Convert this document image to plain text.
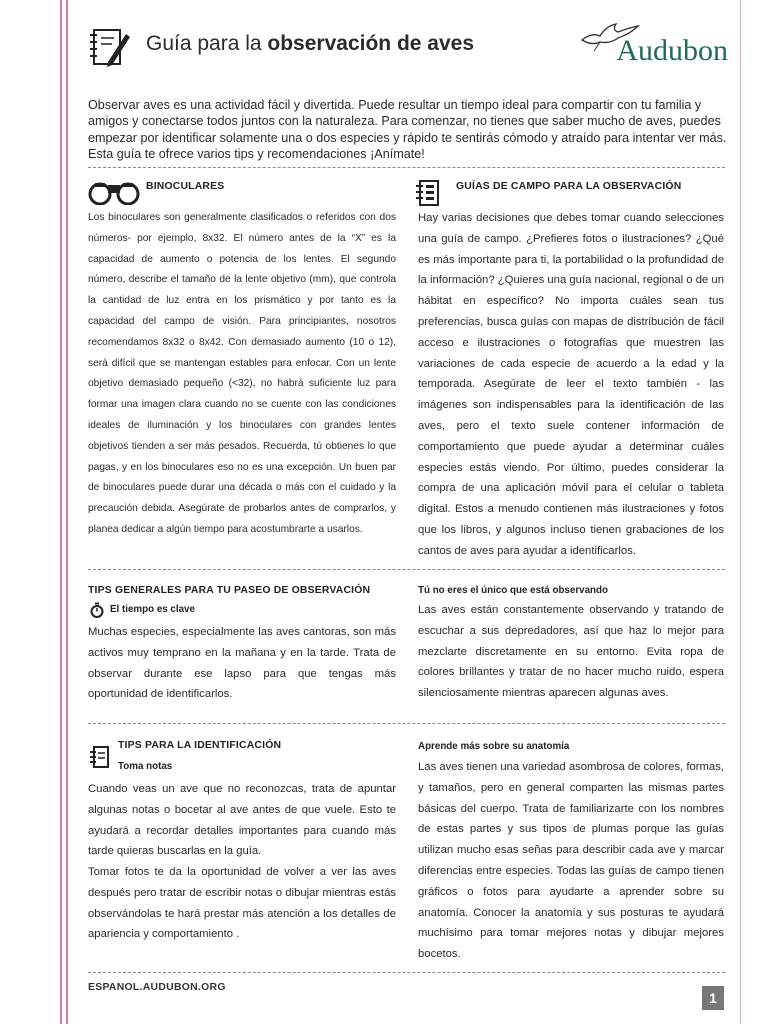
Guía para la observación de aves	Audubon
Observar aves es una actividad fácil y divertida. Puede resultar un tiempo ideal para compartir con tu familia y amigos y conectarse todos juntos con la naturaleza. Para comenzar, no tienes que saber mucho de aves, puedes empezar por identificar solamente una o dos especies y rápido te sentirás cómodo y atraído para intentar ver más. Esta guía te ofrece varios tips y recomendaciones ¡Anímate!
BINOCULARES
Los binoculares son generalmente clasificados o referidos con dos números- por ejemplo, 8x32. El número antes de la “X” es la capacidad de aumento o potencia de los lentes. El segundo número, describe el tamaño de la lente objetivo (mm), que controla la cantidad de luz entra en los prismático y por tanto es la capacidad del campo de visión. Para principiantes, nosotros recomendamos 8x32 o 8x42. Con demasiado aumento (10 o 12), será difícil que se mantengan estables para enfocar. Con un lente objetivo demasiado pequeño (<32), no habrá suficiente luz para formar una imagen clara cuando no se cuente con las condiciones ideales de iluminación y los binoculares con grandes lentes objetivos tienden a ser más pesados. Recuerda, tú obtienes lo que pagas, y en los binoculares eso no es una excepción. Un buen par de binoculares puede durar una década o más con el cuidado y la precaución debida. Asegúrate de probarlos antes de comprarlos, y planea dedicar a algún tiempo para acostumbrarte a usarlos.
GUÍAS DE CAMPO PARA LA OBSERVACIÓN
Hay varias decisiones que debes tomar cuando selecciones una guía de campo. ¿Prefieres fotos o ilustraciones? ¿Qué es más importante para ti, la portabilidad o la profundidad de la información? ¿Quieres una guía nacional, regional o de un hábitat en específico? No importa cuáles sean tus preferencias, busca guías con mapas de distribución de fácil acceso e ilustraciones o fotografías que muestren las variaciones de cada especie de acuerdo a la edad y la temporada. Asegúrate de leer el texto también - las imágenes son indispensables para la identificación de las aves, pero el texto suele contener información de comportamiento que puede ayudar a determinar cuáles especies estás viendo. Por último, puedes considerar la compra de una aplicación móvil para el celular o tableta digital. Estos a menudo contienen más ilustraciones y fotos que los libros, y algunos incluso tienen grabaciones de los cantos de aves para ayudar a identificarlos.
TIPS GENERALES PARA TU PASEO DE OBSERVACIÓN
El tiempo es clave
Muchas especies, especialmente las aves cantoras, son más activos muy temprano en la mañana y en la tarde. Trata de observar durante ese lapso para que tengas más oportunidad de identificarlos.
Tú no eres el único que está observando
Las aves están constantemente observando y tratando de escuchar a sus depredadores, así que haz lo mejor para mezclarte discretamente en su entorno. Evita ropa de colores brillantes y tratar de no hacer mucho ruido, espera silenciosamente mientras aparecen algunas aves.
TIPS PARA LA IDENTIFICACIÓN
Toma notas
Cuando veas un ave que no reconozcas, trata de apuntar algunas notas o bocetar al ave antes de que vuele. Esto te ayudará a recordar detalles importantes para cuando más tarde quieras buscarlas en la guía.
Tomar fotos te da la oportunidad de volver a ver las aves después pero tratar de escribir notas o dibujar mientras estás observándolas te hará prestar más atención a los detalles de apariencia y comportamiento .
Aprende más sobre su anatomía
Las aves tienen una variedad asombrosa de colores, formas, y tamaños, pero en general comparten las mismas partes básicas del cuerpo. Trata de familiarizarte con los nombres de estas partes y sus tipos de plumas porque las guías utilizan mucho esas señas para describir cada ave y marcar diferencias entre especies. Todas las guías de campo tienen gráficos o fotos para ayudarte a aprender sobre su anatomía. Conocer la anatomía y sus posturas te ayudará muchísimo para tomar mejores notas y dibujar mejores bocetos.
ESPANOL.AUDUBON.ORG
1
